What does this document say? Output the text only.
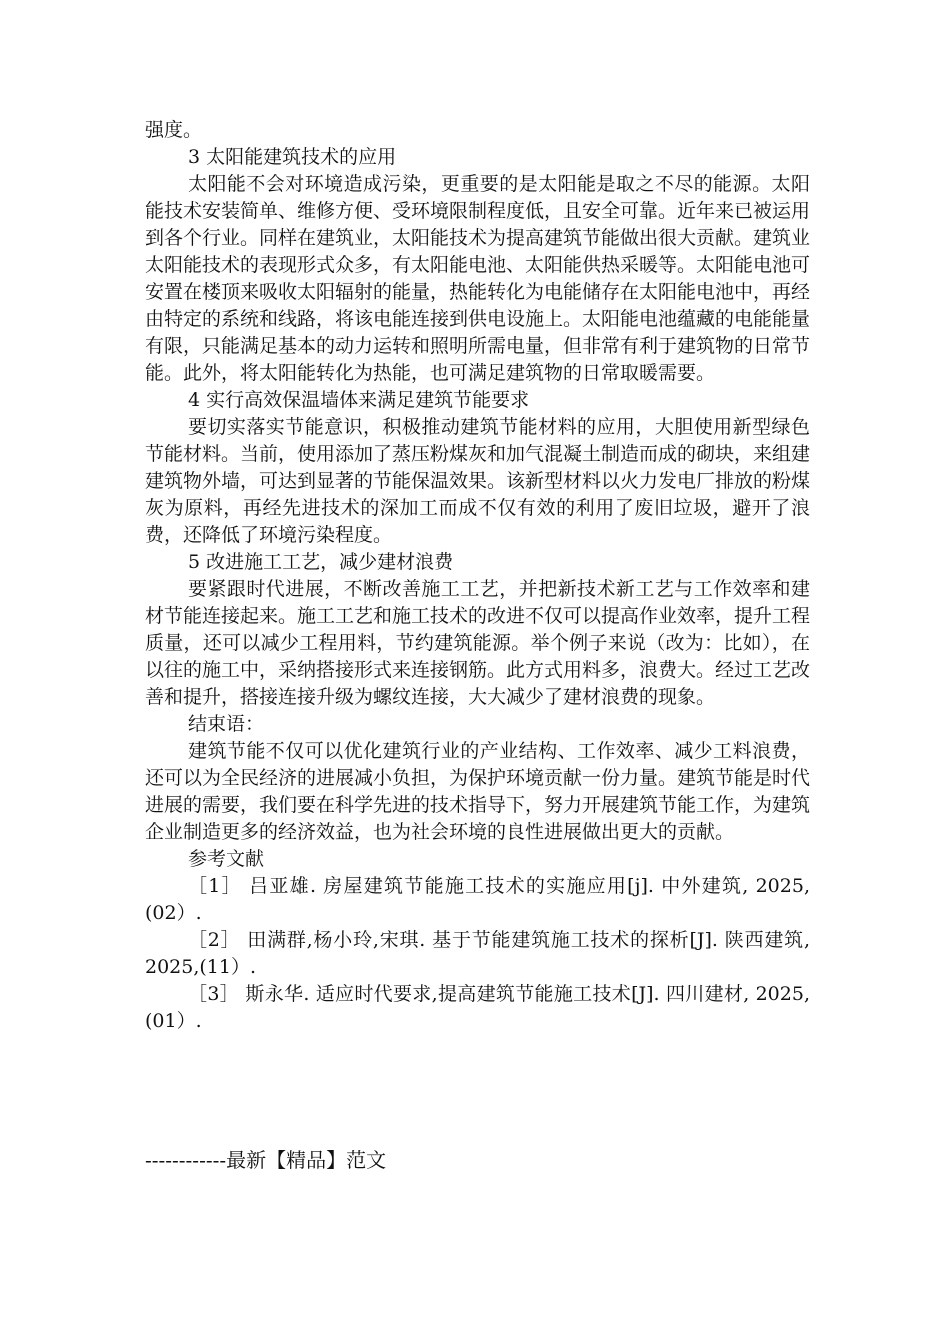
强度。

3 太阳能建筑技术的应用

太阳能不会对环境造成污染，更重要的是太阳能是取之不尽的能源。太阳能技术安装简单、维修方便、受环境限制程度低，且安全可靠。近年来已被运用到各个行业。同样在建筑业，太阳能技术为提高建筑节能做出很大贡献。建筑业太阳能技术的表现形式众多，有太阳能电池、太阳能供热采暖等。太阳能电池可安置在楼顶来吸收太阳辐射的能量，热能转化为电能储存在太阳能电池中，再经由特定的系统和线路，将该电能连接到供电设施上。太阳能电池蕴藏的电能能量有限，只能满足基本的动力运转和照明所需电量，但非常有利于建筑物的日常节能。此外，将太阳能转化为热能，也可满足建筑物的日常取暖需要。

4 实行高效保温墙体来满足建筑节能要求

要切实落实节能意识，积极推动建筑节能材料的应用，大胆使用新型绿色节能材料。当前，使用添加了蒸压粉煤灰和加气混凝土制造而成的砌块，来组建建筑物外墙，可达到显著的节能保温效果。该新型材料以火力发电厂排放的粉煤灰为原料，再经先进技术的深加工而成不仅有效的利用了废旧垃圾，避开了浪费，还降低了环境污染程度。

5 改进施工工艺，减少建材浪费

要紧跟时代进展，不断改善施工工艺，并把新技术新工艺与工作效率和建材节能连接起来。施工工艺和施工技术的改进不仅可以提高作业效率，提升工程质量，还可以减少工程用料，节约建筑能源。举个例子来说（改为：比如），在以往的施工中，采纳搭接形式来连接钢筋。此方式用料多，浪费大。经过工艺改善和提升，搭接连接升级为螺纹连接，大大减少了建材浪费的现象。

结束语：

建筑节能不仅可以优化建筑行业的产业结构、工作效率、减少工料浪费，还可以为全民经济的进展减小负担，为保护环境贡献一份力量。建筑节能是时代进展的需要，我们要在科学先进的技术指导下，努力开展建筑节能工作，为建筑企业制造更多的经济效益，也为社会环境的良性进展做出更大的贡献。

参考文献

［1］ 吕亚雄. 房屋建筑节能施工技术的实施应用[j]. 中外建筑, 2025,(02）.

［2］ 田满群,杨小玲,宋琪. 基于节能建筑施工技术的探析[J]. 陕西建筑, 2025,(11）.

［3］ 斯永华. 适应时代要求,提高建筑节能施工技术[J]. 四川建材, 2025,(01）.

------------最新【精品】范文
